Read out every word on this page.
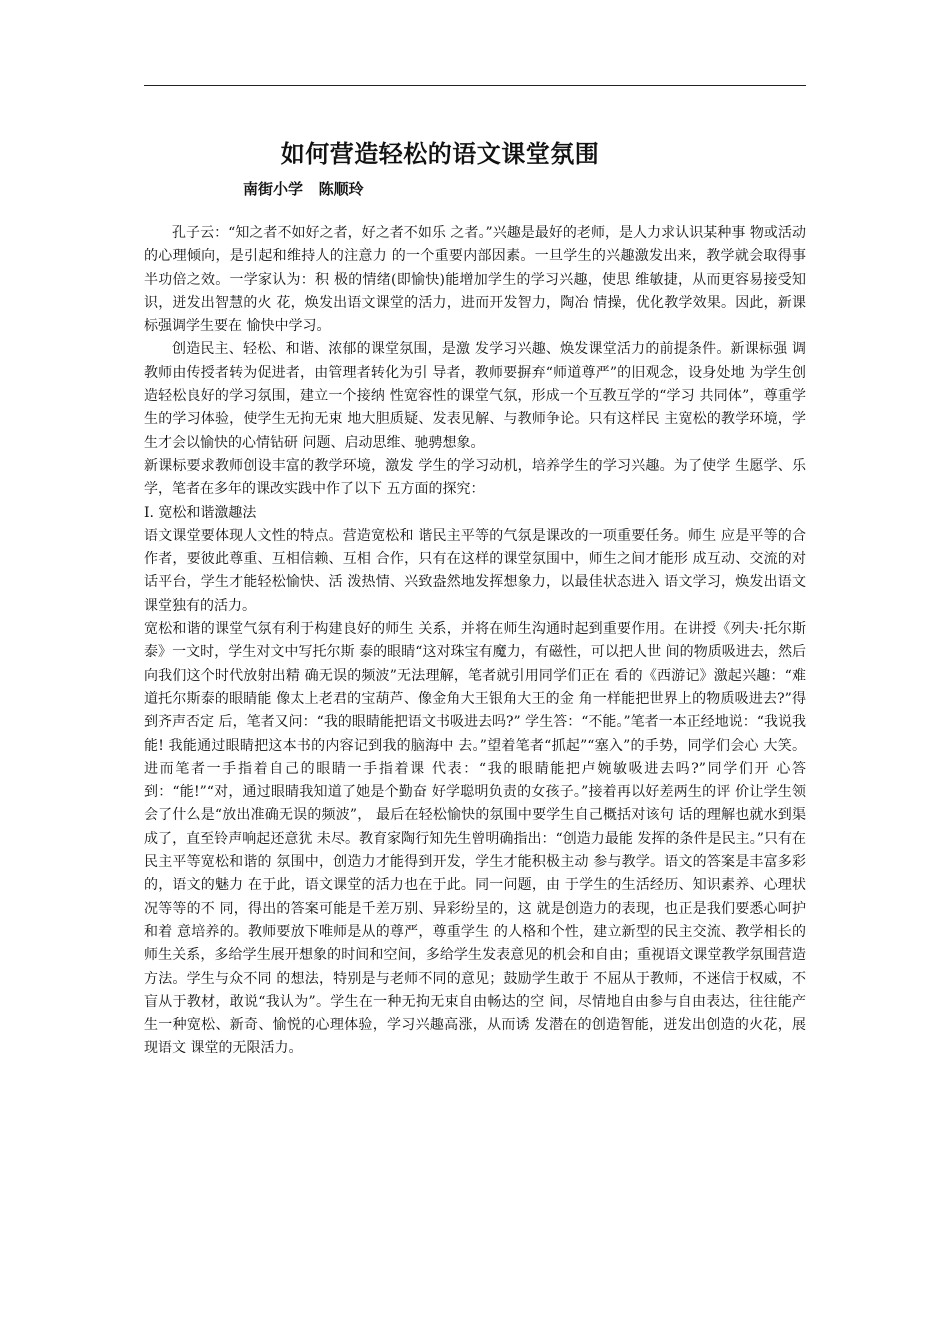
如何营造轻松的语文课堂氛围
南街小学   陈顺玲

孔子云：“知之者不如好之者，好之者不如乐 之者。”兴趣是最好的老师，是人力求认识某种事 物或活动的心理倾向，是引起和维持人的注意力 的一个重要内部因素。一旦学生的兴趣激发出来，教学就会取得事半功倍之效。一学家认为：积 极的情绪(即愉快)能增加学生的学习兴趣，使思 维敏捷，从而更容易接受知识，迸发出智慧的火 花，焕发出语文课堂的活力，进而开发智力，陶冶 情操，优化教学效果。因此，新课标强调学生要在 愉快中学习。

创造民主、轻松、和谐、浓郁的课堂氛围，是激 发学习兴趣、焕发课堂活力的前提条件。新课标强 调教师由传授者转为促进者，由管理者转化为引 导者，教师要摒弃“师道尊严”的旧观念，设身处地 为学生创造轻松良好的学习氛围，建立一个接纳 性宽容性的课堂气氛，形成一个互教互学的“学习 共同体”，尊重学生的学习体验，使学生无拘无束 地大胆质疑、发表见解、与教师争论。只有这样民 主宽松的教学环境，学生才会以愉快的心情钻研 问题、启动思维、驰骋想象。

新课标要求教师创设丰富的教学环境，激发 学生的学习动机，培养学生的学习兴趣。为了使学 生愿学、乐学，笔者在多年的课改实践中作了以下 五方面的探究：

I. 宽松和谐激趣法

语文课堂要体现人文性的特点。营造宽松和 谐民主平等的气氛是课改的一项重要任务。师生 应是平等的合作者，要彼此尊重、互相信赖、互相 合作，只有在这样的课堂氛围中，师生之间才能形 成互动、交流的对话平台，学生才能轻松愉快、活 泼热情、兴致盎然地发挥想象力，以最佳状态进入 语文学习，焕发出语文课堂独有的活力。

宽松和谐的课堂气氛有利于构建良好的师生 关系，并将在师生沟通时起到重要作用。在讲授《列夫·托尔斯泰》一文时，学生对文中写托尔斯 泰的眼睛“这对珠宝有魔力，有磁性，可以把人世 间的物质吸进去，然后向我们这个时代放射出精 确无误的频波”无法理解，笔者就引用同学们正在 看的《西游记》激起兴趣：“难道托尔斯泰的眼睛能 像太上老君的宝葫芦、像金角大王银角大王的金 角一样能把世界上的物质吸进去?”得到齐声否定 后，笔者又问：“我的眼睛能把语文书吸进去吗?” 学生答：“不能。”笔者一本正经地说：“我说我能! 我能通过眼睛把这本书的内容记到我的脑海中 去。”望着笔者“抓起”“塞入”的手势，同学们会心 大笑。进而笔者一手指着自己的眼睛一手指着课 代表：“我的眼睛能把卢婉敏吸进去吗?”同学们开 心答到：“能!”“对，通过眼睛我知道了她是个勤奋 好学聪明负责的女孩子。”接着再以好差两生的评 价让学生领会了什么是“放出准确无误的频波”， 最后在轻松愉快的氛围中要学生自己概括对该句 话的理解也就水到渠成了，直至铃声响起还意犹 未尽。教育家陶行知先生曾明确指出：“创造力最能 发挥的条件是民主。”只有在民主平等宽松和谐的 氛围中，创造力才能得到开发，学生才能积极主动 参与教学。语文的答案是丰富多彩的，语文的魅力 在于此，语文课堂的活力也在于此。同一问题，由 于学生的生活经历、知识素养、心理状况等等的不 同，得出的答案可能是千差万别、异彩纷呈的，这 就是创造力的表现，也正是我们要悉心呵护和着 意培养的。教师要放下唯师是从的尊严，尊重学生 的人格和个性，建立新型的民主交流、教学相长的 师生关系，多给学生展开想象的时间和空间，多给学生发表意见的机会和自由；重视语文课堂教学氛围营造方法。学生与众不同 的想法，特别是与老师不同的意见；鼓励学生敢于 不屈从于教师，不迷信于权威，不盲从于教材，敢说“我认为”。学生在一种无拘无束自由畅达的空 间，尽情地自由参与自由表达，往往能产生一种宽松、新奇、愉悦的心理体验，学习兴趣高涨，从而诱 发潜在的创造智能，迸发出创造的火花，展现语文 课堂的无限活力。
